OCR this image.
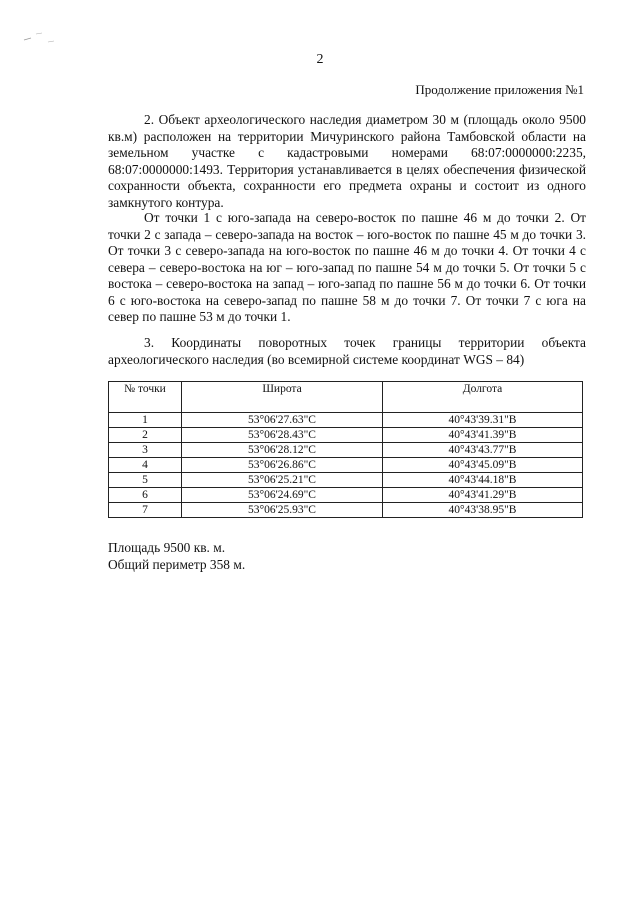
2
Продолжение приложения №1

2. Объект археологического наследия диаметром 30 м (площадь около 9500 кв.м) расположен на территории Мичуринского района Тамбовской области на земельном участке с кадастровыми номерами 68:07:0000000:2235, 68:07:0000000:1493. Территория устанавливается в целях обеспечения физической сохранности объекта, сохранности его предмета охраны и состоит из одного замкнутого контура.

От точки 1 с юго-запада на северо-восток по пашне 46 м до точки 2. От точки 2 с запада – северо-запада на восток – юго-восток по пашне 45 м до точки 3. От точки 3 с северо-запада на юго-восток по пашне 46 м до точки 4. От точки 4 с севера – северо-востока на юг – юго-запад по пашне 54 м до точки 5. От точки 5 с востока – северо-востока на запад – юго-запад по пашне 56 м до точки 6. От точки 6 с юго-востока на северо-запад по пашне 58 м до точки 7. От точки 7 с юга на север по пашне 53 м до точки 1.

3. Координаты поворотных точек границы территории объекта археологического наследия (во всемирной системе координат WGS – 84)

№ точки	Широта	Долгота
1	53°06'27.63"С	40°43'39.31"В
2	53°06'28.43"С	40°43'41.39"В
3	53°06'28.12"С	40°43'43.77"В
4	53°06'26.86"С	40°43'45.09"В
5	53°06'25.21"С	40°43'44.18"В
6	53°06'24.69"С	40°43'41.29"В
7	53°06'25.93"С	40°43'38.95"В
Площадь 9500 кв. м.
Общий периметр 358 м.
